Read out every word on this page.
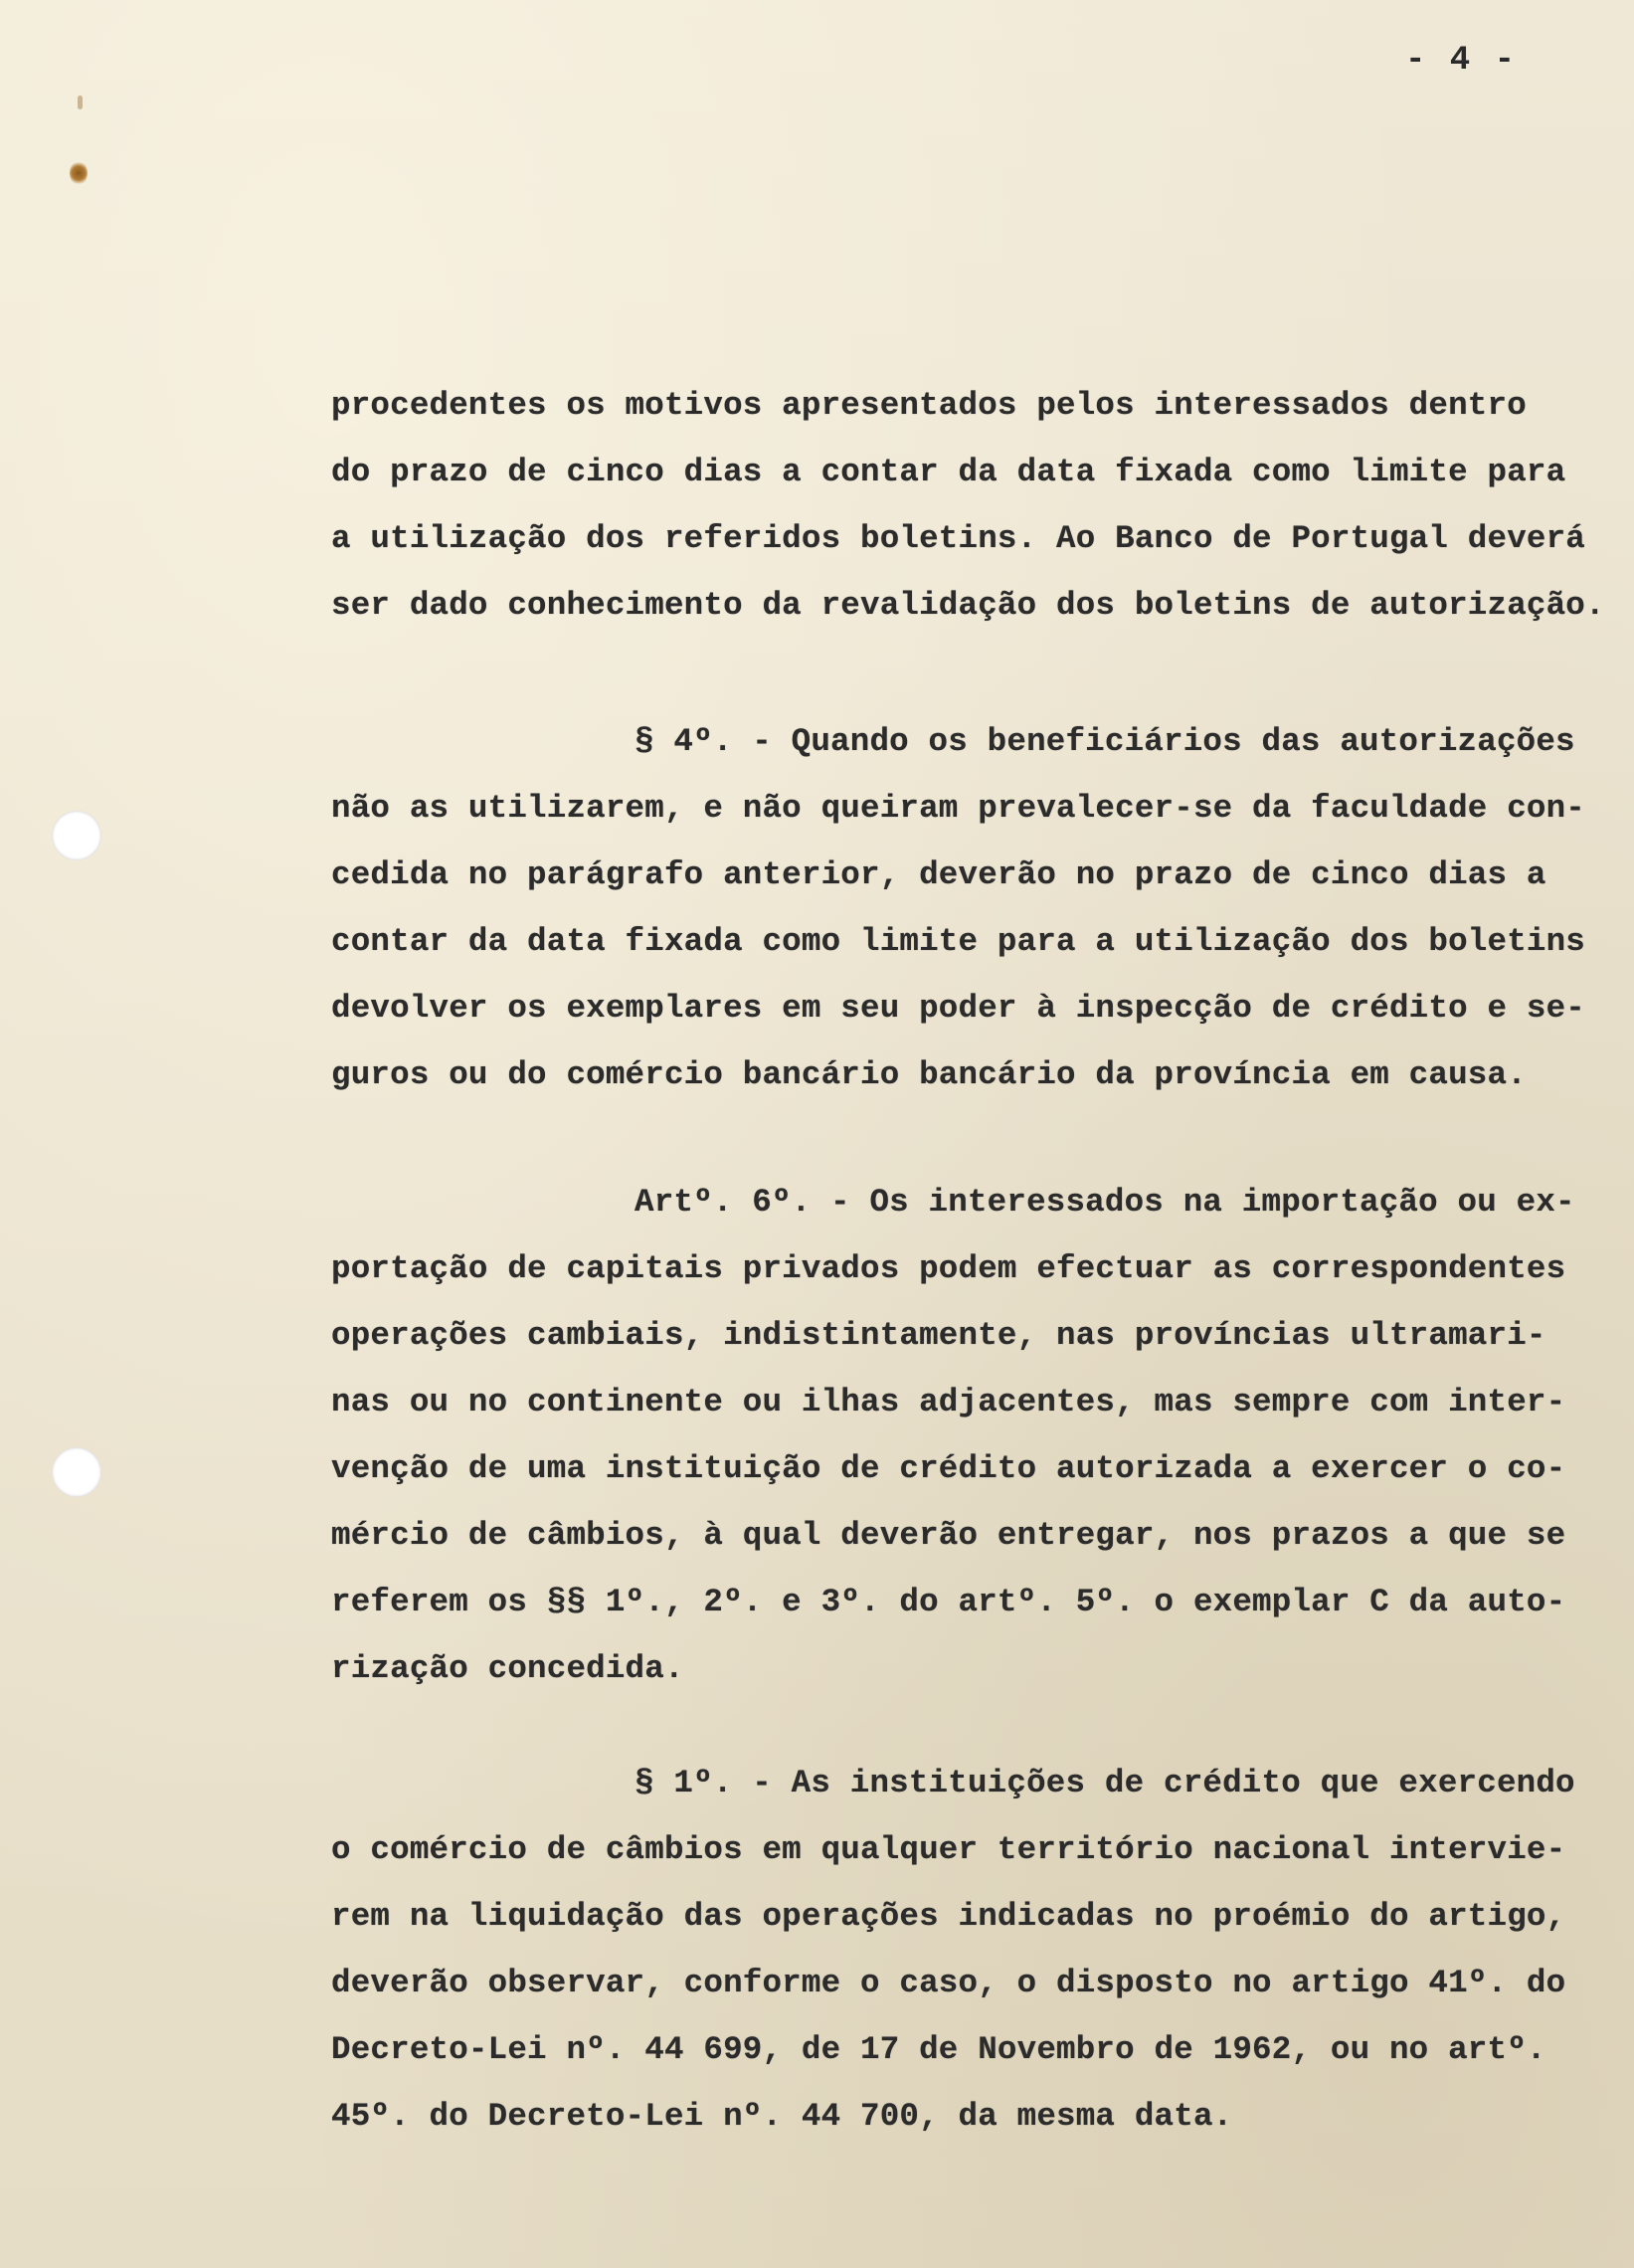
- 4 -
procedentes os motivos apresentados pelos interessados dentro
do prazo de cinco dias a contar da data fixada como limite para
a utilização dos referidos boletins. Ao Banco de Portugal deverá
ser dado conhecimento da revalidação dos boletins de autorização.
§ 4º. - Quando os beneficiários das autorizações
não as utilizarem, e não queiram prevalecer-se da faculdade con-
cedida no parágrafo anterior, deverão no prazo de cinco dias a
contar da data fixada como limite para a utilização dos boletins
devolver os exemplares em seu poder à inspecção de crédito e se-
guros ou do comércio bancário bancário da província em causa.
Artº. 6º. - Os interessados na importação ou ex-
portação de capitais privados podem efectuar as correspondentes
operações cambiais, indistintamente, nas províncias ultramari-
nas ou no continente ou ilhas adjacentes, mas sempre com inter-
venção de uma instituição de crédito autorizada a exercer o co-
mércio de câmbios, à qual deverão entregar, nos prazos a que se
referem os §§ 1º., 2º. e 3º. do artº. 5º. o exemplar C da auto-
rização concedida.
§ 1º. - As instituições de crédito que exercendo
o comércio de câmbios em qualquer território nacional intervie-
rem na liquidação das operações indicadas no proémio do artigo,
deverão observar, conforme o caso, o disposto no artigo 41º. do
Decreto-Lei nº. 44 699, de 17 de Novembro de 1962, ou no artº.
45º. do Decreto-Lei nº. 44 700, da mesma data.
